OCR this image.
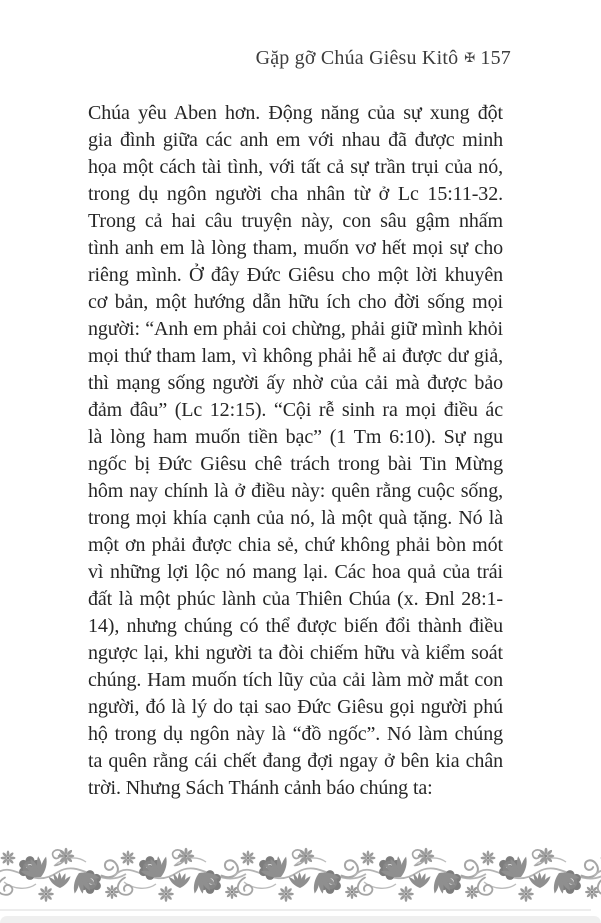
Gặp gỡ Chúa Giêsu Kitô ✠ 157
Chúa yêu Aben hơn. Động năng của sự xung đột
gia đình giữa các anh em với nhau đã được minh
họa một cách tài tình, với tất cả sự trần trụi của nó,
trong dụ ngôn người cha nhân từ ở Lc 15:11-32.
Trong cả hai câu truyện này, con sâu gậm nhấm
tình anh em là lòng tham, muốn vơ hết mọi sự cho
riêng mình. Ở đây Đức Giêsu cho một lời khuyên
cơ bản, một hướng dẫn hữu ích cho đời sống mọi
người: “Anh em phải coi chừng, phải giữ mình khỏi
mọi thứ tham lam, vì không phải hễ ai được dư giả,
thì mạng sống người ấy nhờ của cải mà được bảo
đảm đâu” (Lc 12:15). “Cội rễ sinh ra mọi điều ác
là lòng ham muốn tiền bạc” (1 Tm 6:10). Sự ngu
ngốc bị Đức Giêsu chê trách trong bài Tin Mừng
hôm nay chính là ở điều này: quên rằng cuộc sống,
trong mọi khía cạnh của nó, là một quà tặng. Nó là
một ơn phải được chia sẻ, chứ không phải bòn mót
vì những lợi lộc nó mang lại. Các hoa quả của trái
đất là một phúc lành của Thiên Chúa (x. Đnl 28:1-
14), nhưng chúng có thể được biến đổi thành điều
ngược lại, khi người ta đòi chiếm hữu và kiểm soát
chúng. Ham muốn tích lũy của cải làm mờ mắt con
người, đó là lý do tại sao Đức Giêsu gọi người phú
hộ trong dụ ngôn này là “đồ ngốc”. Nó làm chúng
ta quên rằng cái chết đang đợi ngay ở bên kia chân
trời. Nhưng Sách Thánh cảnh báo chúng ta:
